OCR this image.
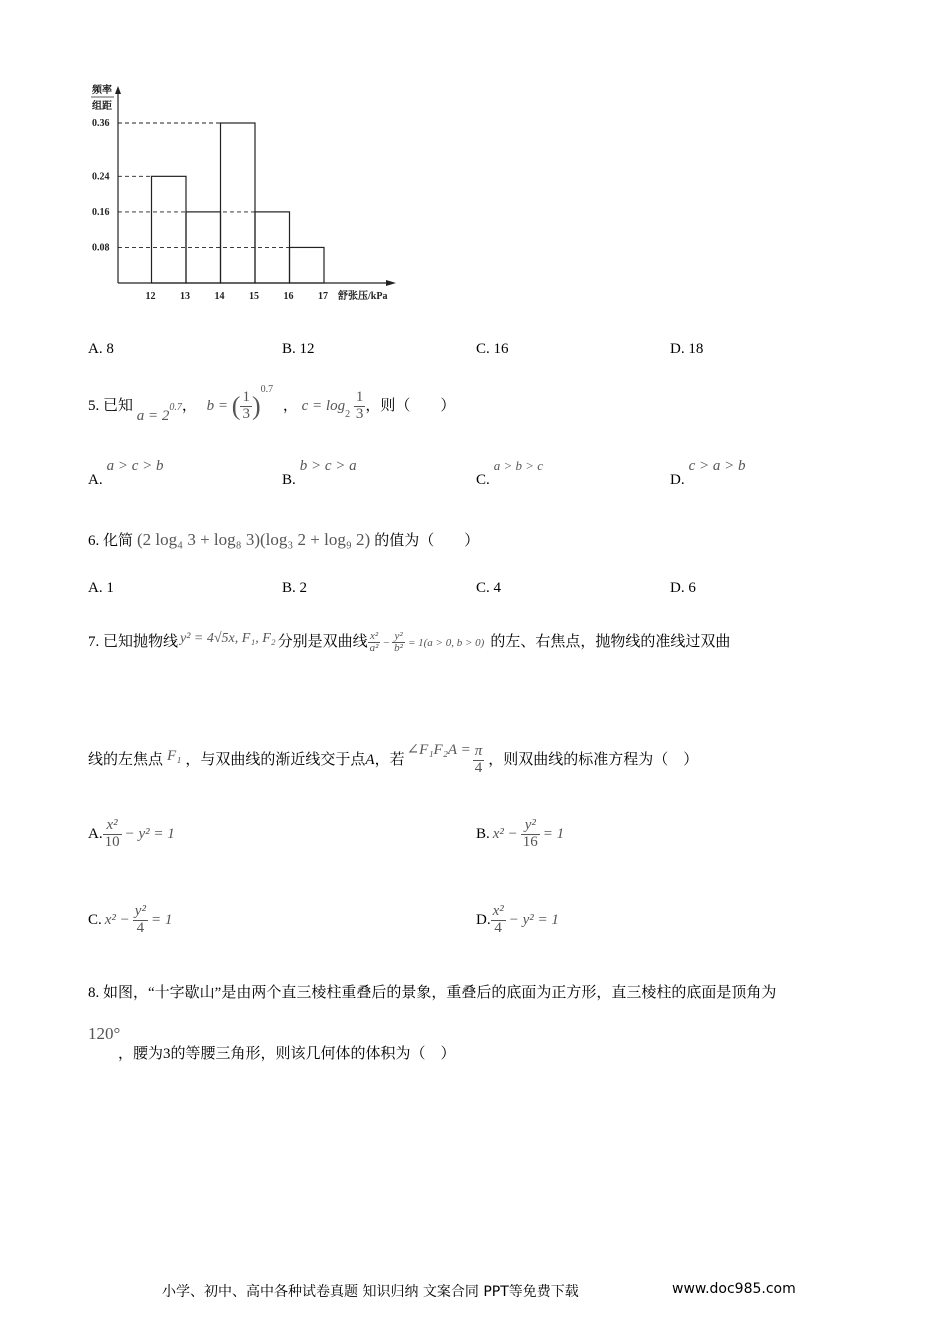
频率
组距
舒张压/kPa
0.36
0.24
0.16
0.08
12 13 14 15 16 17
A. 8	B. 12	C. 16	D. 18
5. 已知 $a = 2^{0.7}$， b = ( $\frac{1}{3} )^{0.7}$ ， $c = \log_2 \frac{1}{3}$ ，则（　　）
A.a > c > b
B.b > c > a
C.a > b > c
D.c > a > b
6. 化简 (2 log₄ 3 + log₈ 3)(log₃ 2 + log₉ 2) 的值为（　　）
A. 1	B. 2	C. 4	D. 6
7. 已知抛物线 y² = 4√5x, F₁, F₂ 分别是双曲线 $\frac{\text{x²}}{\text{a²}} - \frac{\text{y²}}{\text{b²}} = 1(a > 0$, b > 0) 的左、右焦点，抛物线的准线过双曲
线的左焦点 F₁ ，与双曲线的渐近线交于点A，若∠F₁F₂A = $\frac{\pi}{4}$ ，则双曲线的标准方程为（　）
A. $\frac{\text{x²}}{10} - y^2 = 1$	B. $x^2 - \frac{\text{y²}}{16} = 1$
C. $x^2 - \frac{\text{y²}}{4} = 1$	D. $\frac{\text{x²}}{4} - y^2 = 1$
8. 如图，“十字歇山”是由两个直三棱柱重叠后的景象，重叠后的底面为正方形，直三棱柱的底面是顶角为
120°
，腰为3的等腰三角形，则该几何体的体积为（　）
小学、初中、高中各种试卷真题 知识归纳 文案合同 PPT等免费下载	www.doc985.com
